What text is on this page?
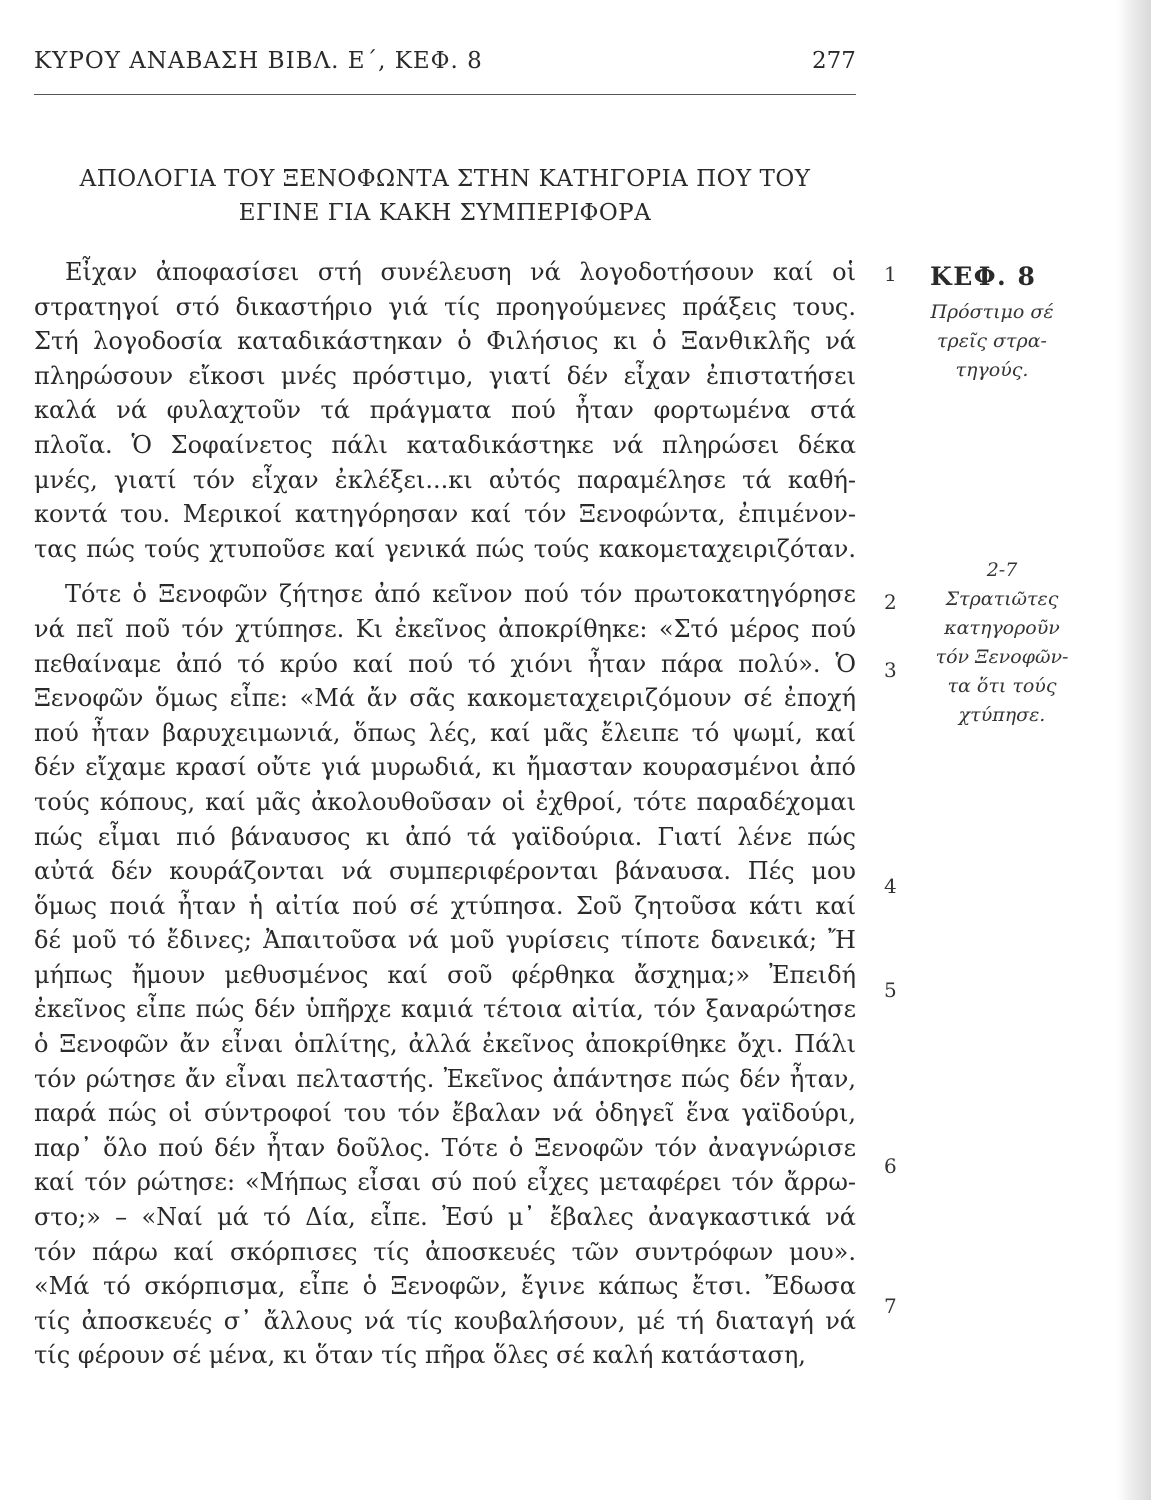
ΚΥΡΟΥ ΑΝΑΒΑΣΗ ΒΙΒΛ. Ε΄, ΚΕΦ. 8	277
ΑΠΟΛΟΓΙΑ ΤΟΥ ΞΕΝΟΦΩΝΤΑ ΣΤΗΝ ΚΑΤΗΓΟΡΙΑ ΠΟΥ ΤΟΥ
ΕΓΙΝΕ ΓΙΑ ΚΑΚΗ ΣΥΜΠΕΡΙΦΟΡΑ

Εἶχαν ἀποφασίσει στή συνέλευση νά λογοδοτήσουν καί οἱ
στρατηγοί στό δικαστήριο γιά τίς προηγούμενες πράξεις τους.
Στή λογοδοσία καταδικάστηκαν ὁ Φιλήσιος κι ὁ Ξανθικλῆς νά
πληρώσουν εἴκοσι μνές πρόστιμο, γιατί δέν εἶχαν ἐπιστατήσει
καλά νά φυλαχτοῦν τά πράγματα πού ἦταν φορτωμένα στά
πλοῖα. Ὁ Σοφαίνετος πάλι καταδικάστηκε νά πληρώσει δέκα
μνές, γιατί τόν εἶχαν ἐκλέξει...κι αὐτός παραμέλησε τά καθή-
κοντά του. Μερικοί κατηγόρησαν καί τόν Ξενοφώντα, ἐπιμένον-
τας πώς τούς χτυποῦσε καί γενικά πώς τούς κακομεταχειριζόταν.

Τότε ὁ Ξενοφῶν ζήτησε ἀπό κεῖνον πού τόν πρωτοκατηγόρησε
νά πεῖ ποῦ τόν χτύπησε. Κι ἐκεῖνος ἀποκρίθηκε: «Στό μέρος πού
πεθαίναμε ἀπό τό κρύο καί πού τό χιόνι ἦταν πάρα πολύ». Ὁ
Ξενοφῶν ὅμως εἶπε: «Μά ἄν σᾶς κακομεταχειριζόμουν σέ ἐποχή
πού ἦταν βαρυχειμωνιά, ὅπως λές, καί μᾶς ἔλειπε τό ψωμί, καί
δέν εἴχαμε κρασί οὔτε γιά μυρωδιά, κι ἤμασταν κουρασμένοι ἀπό
τούς κόπους, καί μᾶς ἀκολουθοῦσαν οἱ ἐχθροί, τότε παραδέχομαι
πώς εἶμαι πιό βάναυσος κι ἀπό τά γαϊδούρια. Γιατί λένε πώς
αὐτά δέν κουράζονται νά συμπεριφέρονται βάναυσα. Πές μου
ὅμως ποιά ἦταν ἡ αἰτία πού σέ χτύπησα. Σοῦ ζητοῦσα κάτι καί
δέ μοῦ τό ἔδινες; Ἀπαιτοῦσα νά μοῦ γυρίσεις τίποτε δανεικά; Ἤ
μήπως ἤμουν μεθυσμένος καί σοῦ φέρθηκα ἄσχημα;» Ἐπειδή
ἐκεῖνος εἶπε πώς δέν ὑπῆρχε καμιά τέτοια αἰτία, τόν ξαναρώτησε
ὁ Ξενοφῶν ἄν εἶναι ὁπλίτης, ἀλλά ἐκεῖνος ἀποκρίθηκε ὄχι. Πάλι
τόν ρώτησε ἄν εἶναι πελταστής. Ἐκεῖνος ἀπάντησε πώς δέν ἦταν,
παρά πώς οἱ σύντροφοί του τόν ἔβαλαν νά ὁδηγεῖ ἕνα γαϊδούρι,
παρ᾽ ὅλο πού δέν ἦταν δοῦλος. Τότε ὁ Ξενοφῶν τόν ἀναγνώρισε
καί τόν ρώτησε: «Μήπως εἶσαι σύ πού εἶχες μεταφέρει τόν ἄρρω-
στο;» – «Ναί μά τό Δία, εἶπε. Ἐσύ μ᾽ ἔβαλες ἀναγκαστικά νά
τόν πάρω καί σκόρπισες τίς ἀποσκευές τῶν συντρόφων μου».
«Μά τό σκόρπισμα, εἶπε ὁ Ξενοφῶν, ἔγινε κάπως ἔτσι. Ἔδωσα
τίς ἀποσκευές σ᾽ ἄλλους νά τίς κουβαλήσουν, μέ τή διαταγή νά
τίς φέρουν σέ μένα, κι ὅταν τίς πῆρα ὅλες σέ καλή κατάσταση,

1
2
3
4
5
6
7
ΚΕΦ. 8
Πρόστιμο σέ
τρεῖς στρα-
τηγούς.
2-7
Στρατιῶτες
κατηγοροῦν
τόν Ξενοφῶν-
τα ὅτι τούς
χτύπησε.
